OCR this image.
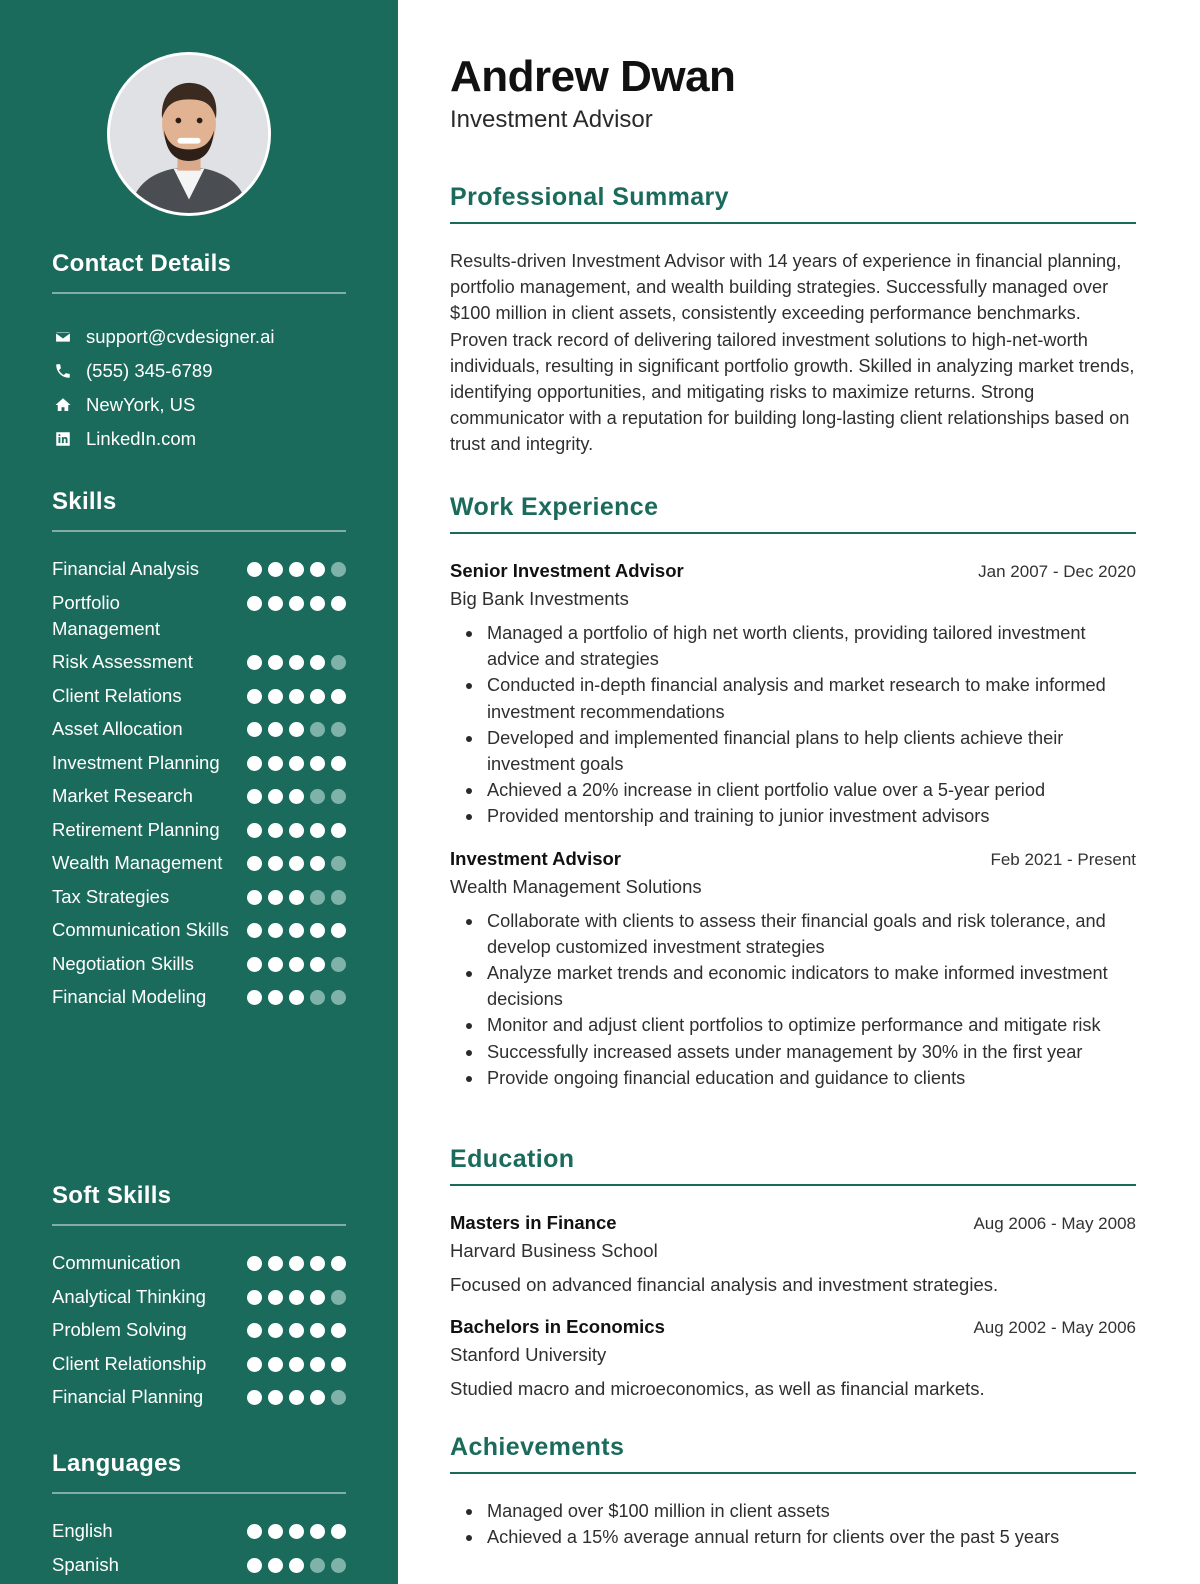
Contact Details
support@cvdesigner.ai
(555) 345-6789
NewYork, US
LinkedIn.com
Skills
Financial Analysis
Portfolio Management
Risk Assessment
Client Relations
Asset Allocation
Investment Planning
Market Research
Retirement Planning
Wealth Management
Tax Strategies
Communication Skills
Negotiation Skills
Financial Modeling
Soft Skills
Communication
Analytical Thinking
Problem Solving
Client Relationship
Financial Planning
Languages
English
Spanish
Andrew Dwan
Investment Advisor
Professional Summary

Results-driven Investment Advisor with 14 years of experience in financial planning, portfolio management, and wealth building strategies. Successfully managed over $100 million in client assets, consistently exceeding performance benchmarks. Proven track record of delivering tailored investment solutions to high-net-worth individuals, resulting in significant portfolio growth. Skilled in analyzing market trends, identifying opportunities, and mitigating risks to maximize returns. Strong communicator with a reputation for building long-lasting client relationships based on trust and integrity.

Work Experience
Senior Investment Advisor	Jan 2007 - Dec 2020
Big Bank Investments
Managed a portfolio of high net worth clients, providing tailored investment advice and strategies
Conducted in-depth financial analysis and market research to make informed investment recommendations
Developed and implemented financial plans to help clients achieve their investment goals
Achieved a 20% increase in client portfolio value over a 5-year period
Provided mentorship and training to junior investment advisors
Investment Advisor	Feb 2021 - Present
Wealth Management Solutions
Collaborate with clients to assess their financial goals and risk tolerance, and develop customized investment strategies
Analyze market trends and economic indicators to make informed investment decisions
Monitor and adjust client portfolios to optimize performance and mitigate risk
Successfully increased assets under management by 30% in the first year
Provide ongoing financial education and guidance to clients
Education
Masters in Finance	Aug 2006 - May 2008
Harvard Business School
Focused on advanced financial analysis and investment strategies.
Bachelors in Economics	Aug 2002 - May 2006
Stanford University
Studied macro and microeconomics, as well as financial markets.
Achievements
Managed over $100 million in client assets
Achieved a 15% average annual return for clients over the past 5 years
